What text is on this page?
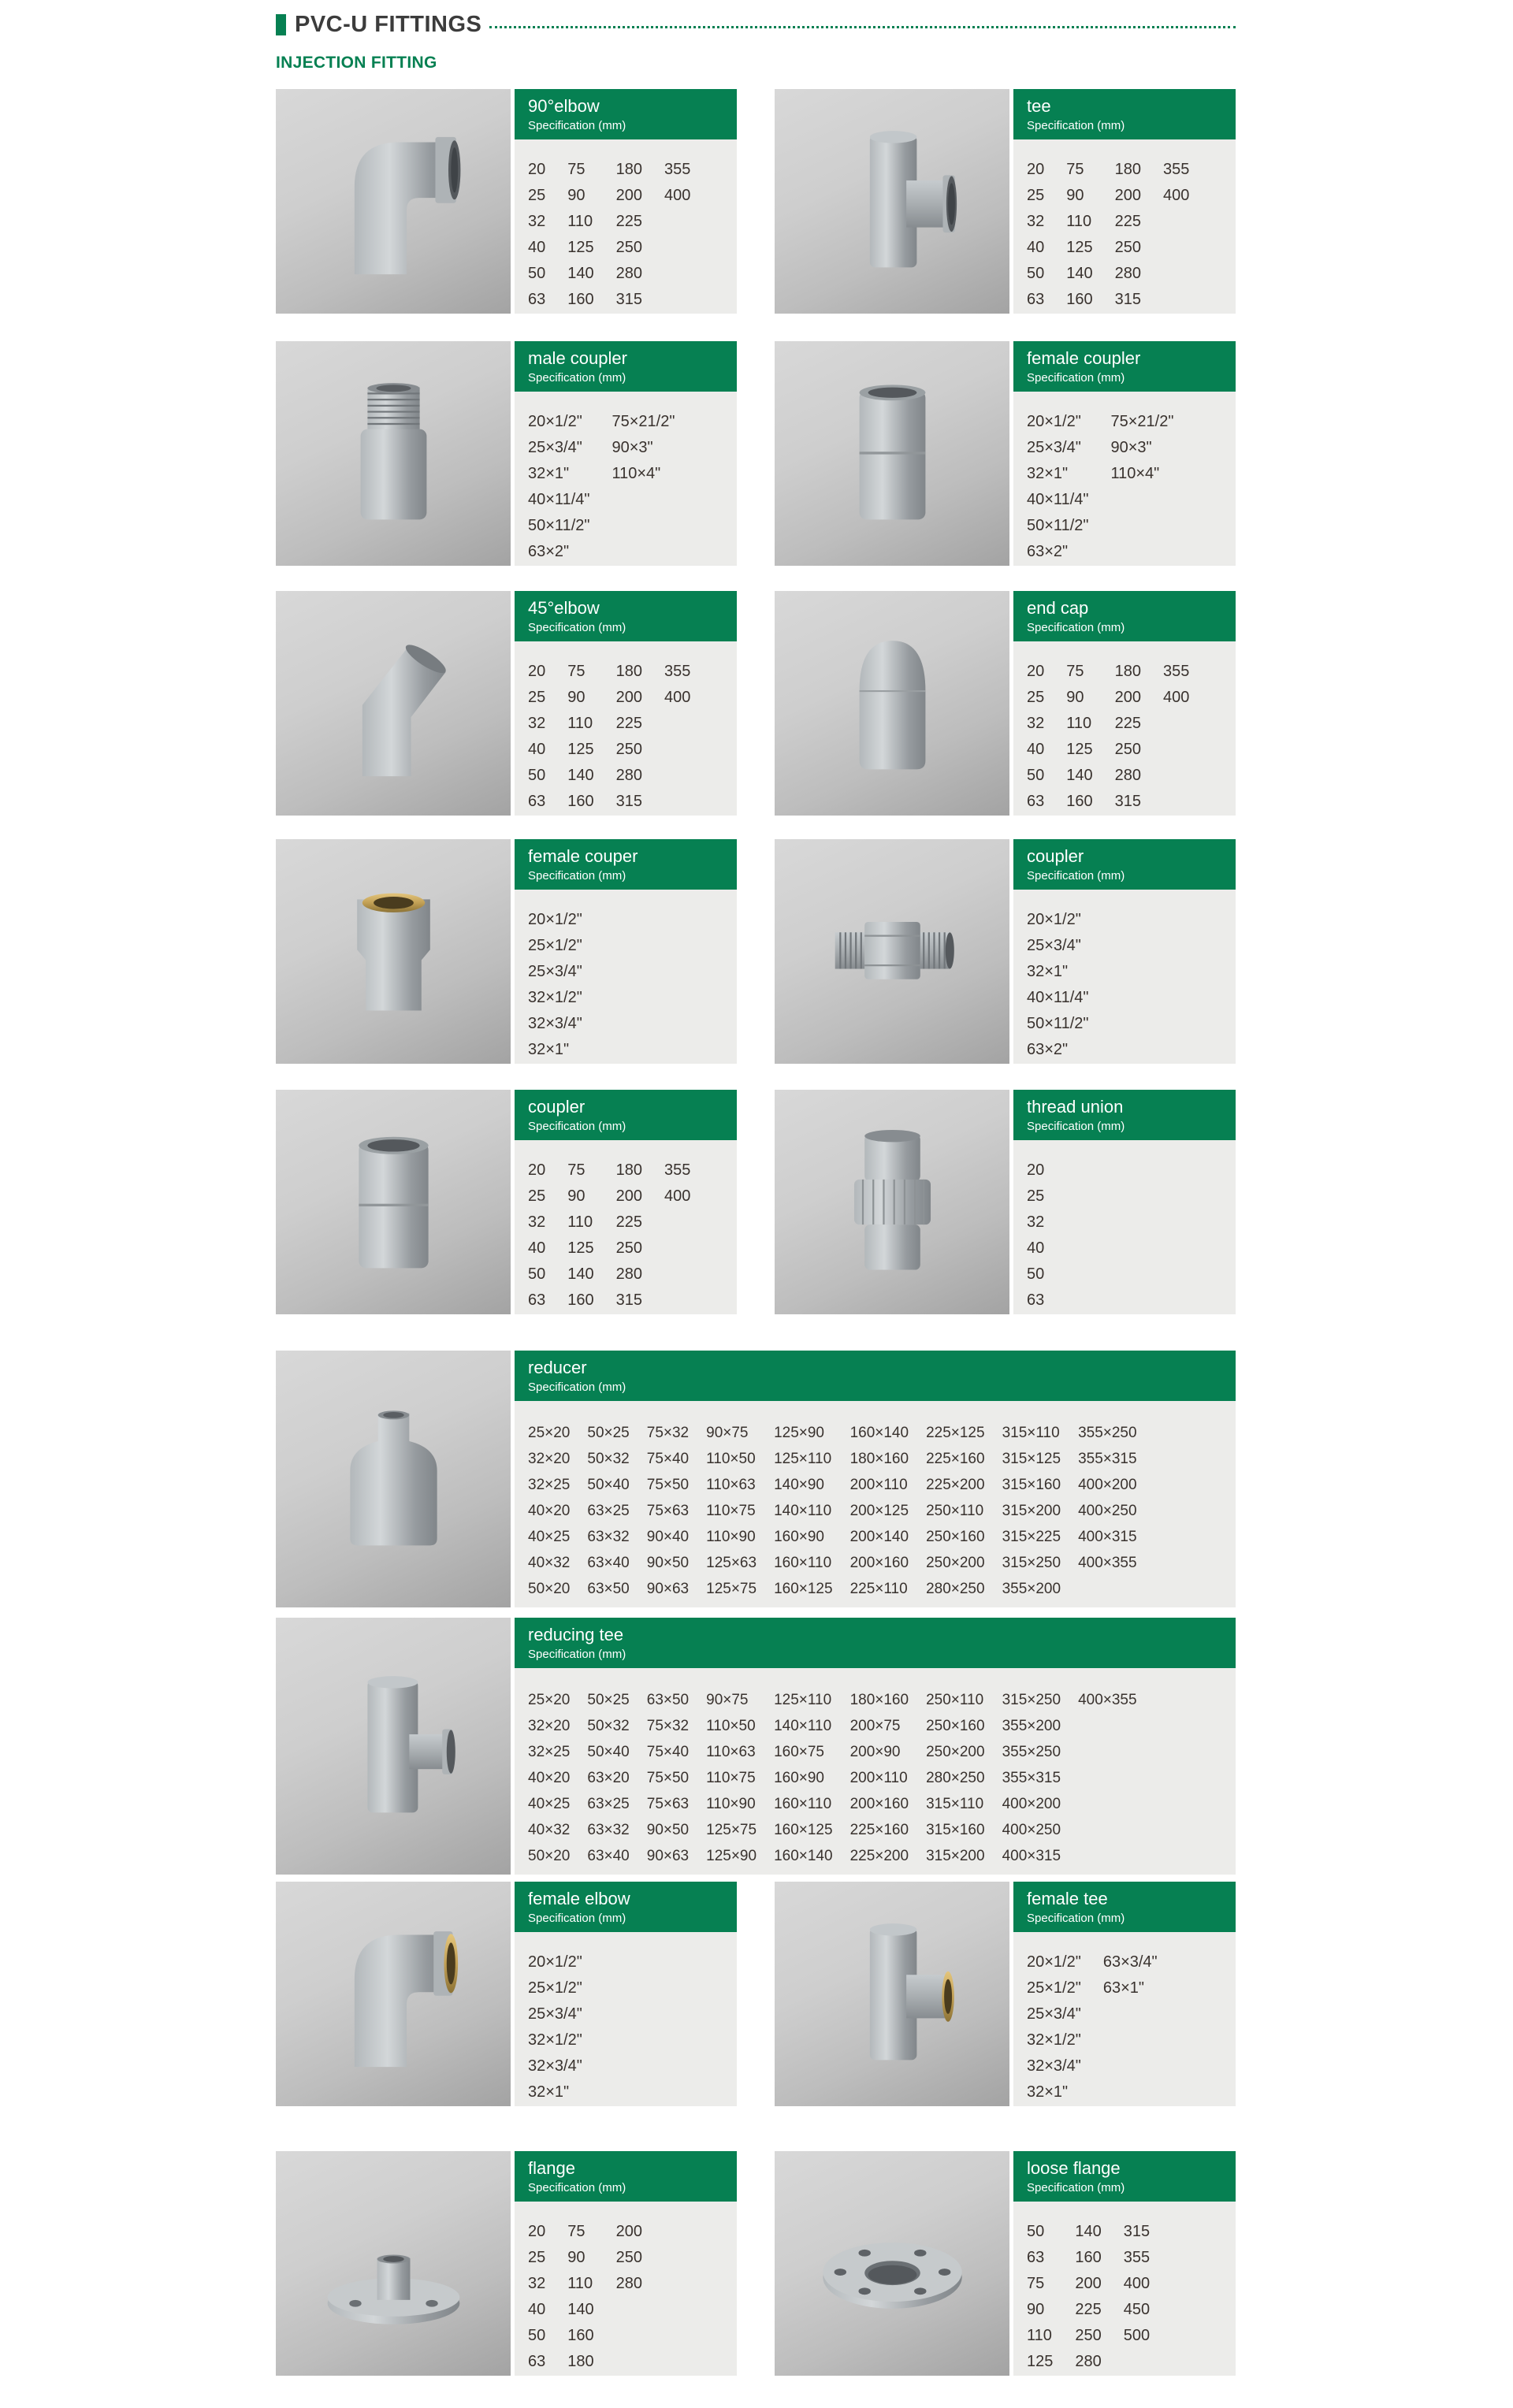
PVC-U FITTINGS
INJECTION FITTING
90°elbow
Specification (mm)
20
25
32
40
50
63
75
90
110
125
140
160
180
200
225
250
280
315
355
400
tee
Specification (mm)
20
25
32
40
50
63
75
90
110
125
140
160
180
200
225
250
280
315
355
400
male coupler
Specification (mm)
20×1/2"
25×3/4"
32×1"
40×11/4"
50×11/2"
63×2"
75×21/2"
90×3"
110×4"
female coupler
Specification (mm)
20×1/2"
25×3/4"
32×1"
40×11/4"
50×11/2"
63×2"
75×21/2"
90×3"
110×4"
45°elbow
Specification (mm)
20
25
32
40
50
63
75
90
110
125
140
160
180
200
225
250
280
315
355
400
end cap
Specification (mm)
20
25
32
40
50
63
75
90
110
125
140
160
180
200
225
250
280
315
355
400
female couper
Specification (mm)
20×1/2"
25×1/2"
25×3/4"
32×1/2"
32×3/4"
32×1"
coupler
Specification (mm)
20×1/2"
25×3/4"
32×1"
40×11/4"
50×11/2"
63×2"
coupler
Specification (mm)
20
25
32
40
50
63
75
90
110
125
140
160
180
200
225
250
280
315
355
400
thread union
Specification (mm)
20
25
32
40
50
63
reducer
Specification (mm)
25×20
32×20
32×25
40×20
40×25
40×32
50×20
50×25
50×32
50×40
63×25
63×32
63×40
63×50
75×32
75×40
75×50
75×63
90×40
90×50
90×63
90×75
110×50
110×63
110×75
110×90
125×63
125×75
125×90
125×110
140×90
140×110
160×90
160×110
160×125
160×140
180×160
200×110
200×125
200×140
200×160
225×110
225×125
225×160
225×200
250×110
250×160
250×200
280×250
315×110
315×125
315×160
315×200
315×225
315×250
355×200
355×250
355×315
400×200
400×250
400×315
400×355
reducing tee
Specification (mm)
25×20
32×20
32×25
40×20
40×25
40×32
50×20
50×25
50×32
50×40
63×20
63×25
63×32
63×40
63×50
75×32
75×40
75×50
75×63
90×50
90×63
90×75
110×50
110×63
110×75
110×90
125×75
125×90
125×110
140×110
160×75
160×90
160×110
160×125
160×140
180×160
200×75
200×90
200×110
200×160
225×160
225×200
250×110
250×160
250×200
280×250
315×110
315×160
315×200
315×250
355×200
355×250
355×315
400×200
400×250
400×315
400×355
female elbow
Specification (mm)
20×1/2"
25×1/2"
25×3/4"
32×1/2"
32×3/4"
32×1"
female tee
Specification (mm)
20×1/2"
25×1/2"
25×3/4"
32×1/2"
32×3/4"
32×1"
63×3/4"
63×1"
flange
Specification (mm)
20
25
32
40
50
63
75
90
110
140
160
180
200
250
280
loose flange
Specification (mm)
50
63
75
90
110
125
140
160
200
225
250
280
315
355
400
450
500
